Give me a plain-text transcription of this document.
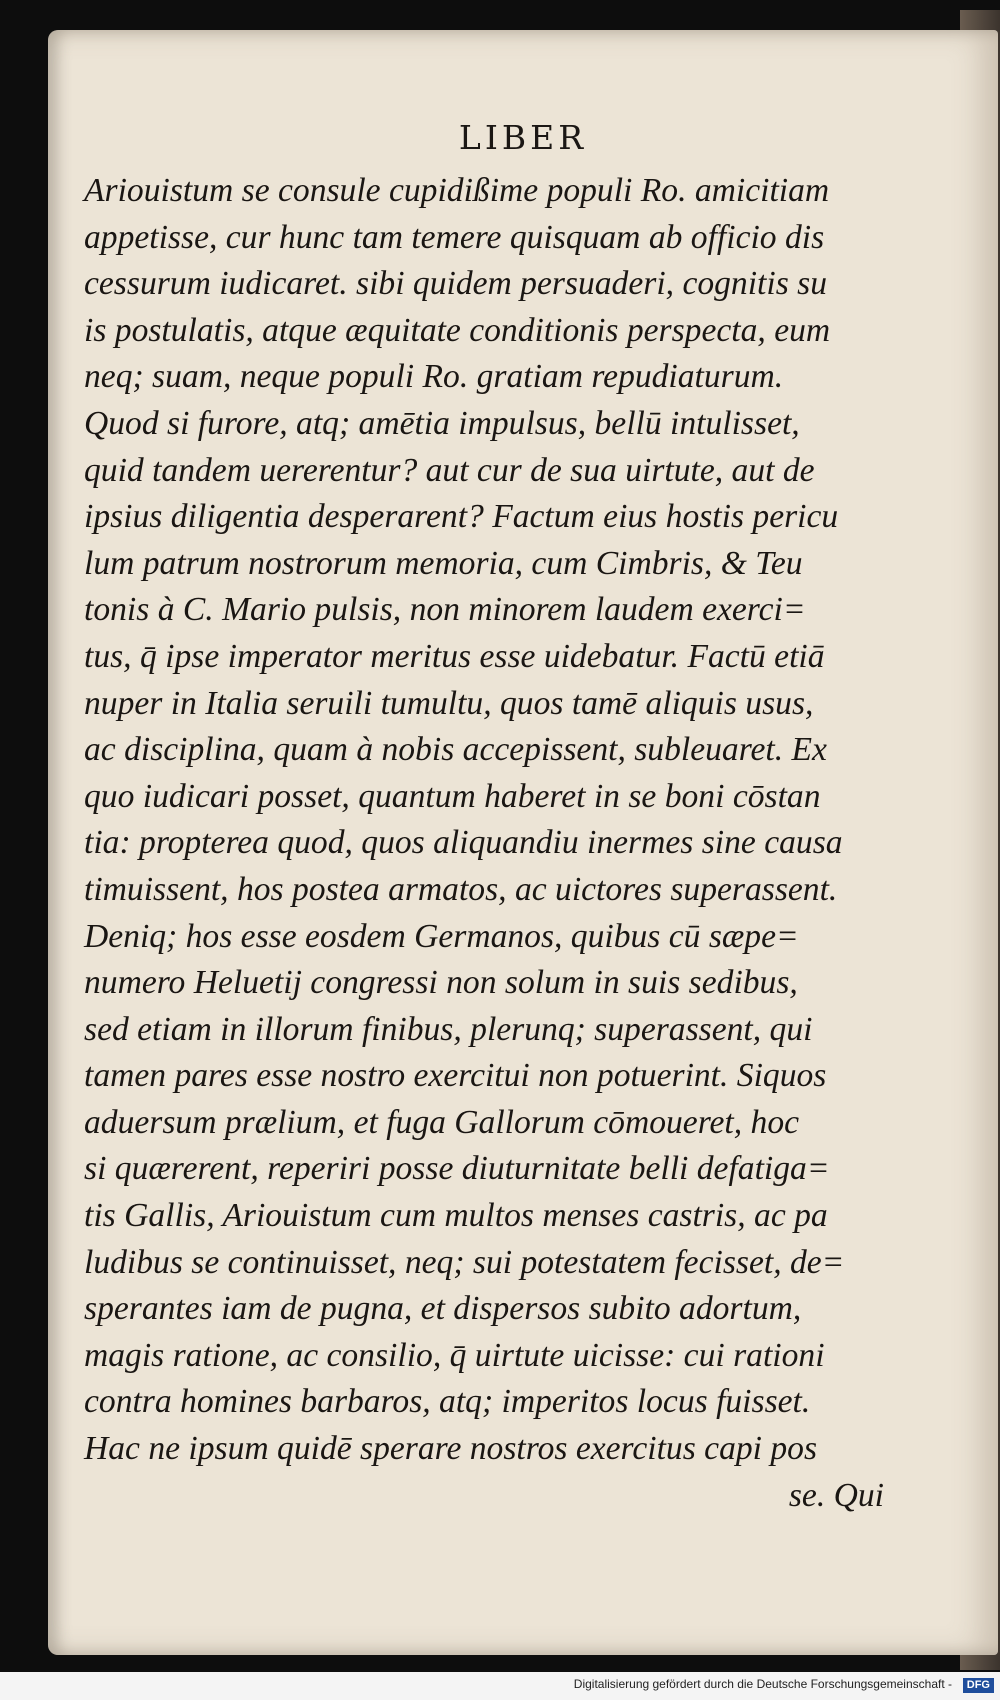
LIBER
Ariouistum se consule cupidißime populi Ro. amicitiam
appetisse, cur hunc tam temere quisquam ab officio dis
cessurum iudicaret. sibi quidem persuaderi, cognitis su
is postulatis, atque æquitate conditionis perspecta, eum
neq; suam, neque populi Ro. gratiam repudiaturum.
Quod si furore, atq; amētia impulsus, bellū intulisset,
quid tandem uererentur? aut cur de sua uirtute, aut de
ipsius diligentia desperarent? Factum eius hostis pericu
lum patrum nostrorum memoria, cum Cimbris, & Teu
tonis à C. Mario pulsis, non minorem laudem exerci=
tus, q̄ ipse imperator meritus esse uidebatur. Factū etiā
nuper in Italia seruili tumultu, quos tamē aliquis usus,
ac disciplina, quam à nobis accepissent, subleuaret. Ex
quo iudicari posset, quantum haberet in se boni cōstan
tia: propterea quod, quos aliquandiu inermes sine causa
timuissent, hos postea armatos, ac uictores superassent.
Deniq; hos esse eosdem Germanos, quibus cū sæpe=
numero Heluetij congressi non solum in suis sedibus,
sed etiam in illorum finibus, plerunq; superassent, qui
tamen pares esse nostro exercitui non potuerint. Siquos
aduersum prælium, et fuga Gallorum cōmoueret, hoc
si quærerent, reperiri posse diuturnitate belli defatiga=
tis Gallis, Ariouistum cum multos menses castris, ac pa
ludibus se continuisset, neq; sui potestatem fecisset, de=
sperantes iam de pugna, et dispersos subito adortum,
magis ratione, ac consilio, q̄ uirtute uicisse: cui rationi
contra homines barbaros, atq; imperitos locus fuisset.
Hac ne ipsum quidē sperare nostros exercitus capi pos
se. Qui
Digitalisierung gefördert durch die Deutsche Forschungsgemeinschaft -	DFG
